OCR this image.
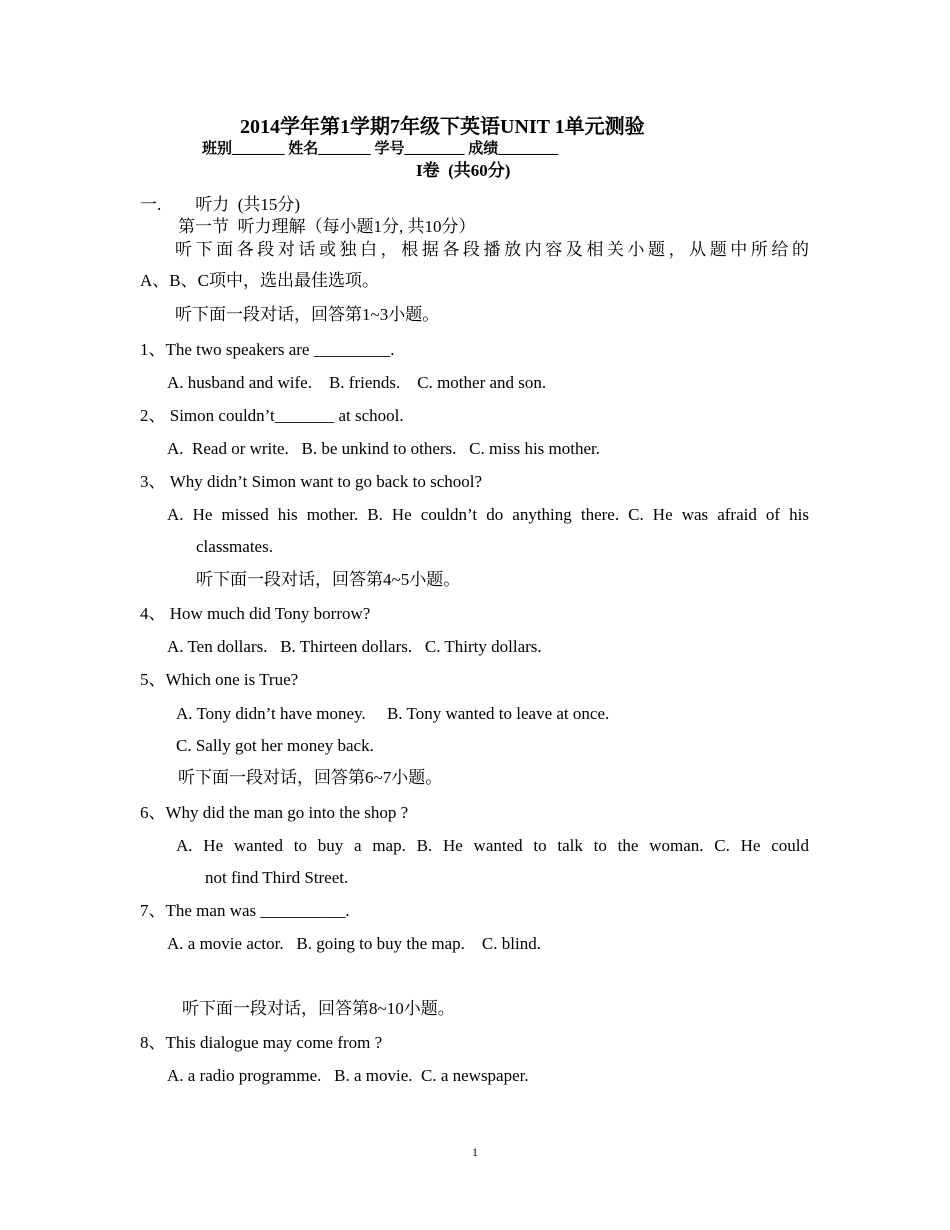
2014学年第1学期7年级下英语UNIT 1单元测验
班别_______ 姓名_______ 学号________ 成绩________
I卷  (共60分)
一.        听力  (共15分)
第一节  听力理解（每小题1分, 共10分）
听下面各段对话或独白，根据各段播放内容及相关小题，从题中所给的
A、B、C项中，选出最佳选项。
听下面一段对话，回答第1~3小题。
1、The two speakers are _________.
A. husband and wife.    B. friends.    C. mother and son.
2、 Simon couldn’t_______ at school.
A.  Read or write.   B. be unkind to others.   C. miss his mother.
3、 Why didn’t Simon want to go back to school?
A. He missed his mother. B. He couldn’t do anything there. C. He was afraid of his
classmates.
听下面一段对话，回答第4~5小题。
4、 How much did Tony borrow?
A. Ten dollars.   B. Thirteen dollars.   C. Thirty dollars.
5、Which one is True?
A. Tony didn’t have money.     B. Tony wanted to leave at once.
C. Sally got her money back.
听下面一段对话，回答第6~7小题。
6、Why did the man go into the shop ?
A. He wanted to buy a map. B. He wanted to talk to the woman. C. He could
not find Third Street.
7、The man was __________.
A. a movie actor.   B. going to buy the map.    C. blind.
听下面一段对话，回答第8~10小题。
8、This dialogue may come from ?
A. a radio programme.   B. a movie.  C. a newspaper.
1
